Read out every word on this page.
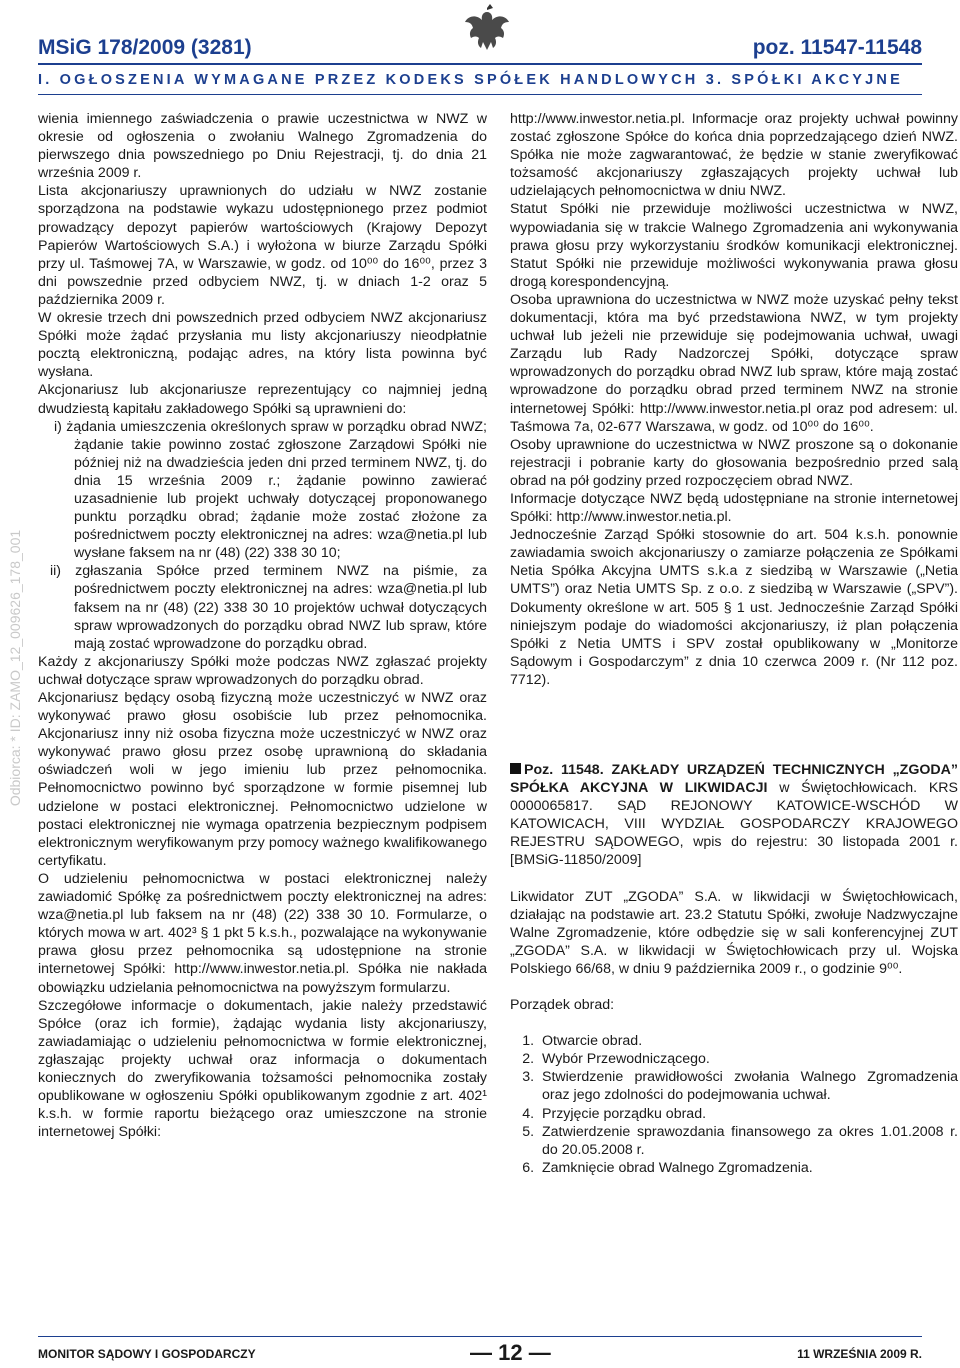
MSiG 178/2009 (3281)	poz. 11547-11548
I. OGŁOSZENIA WYMAGANE PRZEZ KODEKS SPÓŁEK HANDLOWYCH 3. SPÓŁKI AKCYJNE
Odbiorca: * ID: ZAMO_12_009626_178_001

wienia imiennego zaświadczenia o prawie uczestnictwa w NWZ w okresie od ogłoszenia o zwołaniu Walnego Zgromadzenia do pierwszego dnia powszedniego po Dniu Rejestracji, tj. do dnia 21 września 2009 r.

Lista akcjonariuszy uprawnionych do udziału w NWZ zostanie sporządzona na podstawie wykazu udostępnionego przez podmiot prowadzący depozyt papierów wartościowych (Krajowy Depozyt Papierów Wartościowych S.A.) i wyłożona w biurze Zarządu Spółki przy ul. Taśmowej 7A, w Warszawie, w godz. od 10⁰⁰ do 16⁰⁰, przez 3 dni powszednie przed odbyciem NWZ, tj. w dniach 1-2 oraz 5 października 2009 r.

W okresie trzech dni powszednich przed odbyciem NWZ akcjonariusz Spółki może żądać przysłania mu listy akcjonariuszy nieodpłatnie pocztą elektroniczną, podając adres, na który lista powinna być wysłana.

Akcjonariusz lub akcjonariusze reprezentujący co najmniej jedną dwudziestą kapitału zakładowego Spółki są uprawnieni do:

i) żądania umieszczenia określonych spraw w porządku obrad NWZ; żądanie takie powinno zostać zgłoszone Zarządowi Spółki nie później niż na dwadzieścia jeden dni przed terminem NWZ, tj. do dnia 15 września 2009 r.; żądanie powinno zawierać uzasadnienie lub projekt uchwały dotyczącej proponowanego punktu porządku obrad; żądanie może zostać złożone za pośrednictwem poczty elektronicznej na adres: wza@netia.pl lub wysłane faksem na nr (48) (22) 338 30 10;

ii) zgłaszania Spółce przed terminem NWZ na piśmie, za pośrednictwem poczty elektronicznej na adres: wza@netia.pl lub faksem na nr (48) (22) 338 30 10 projektów uchwał dotyczących spraw wprowadzonych do porządku obrad NWZ lub spraw, które mają zostać wprowadzone do porządku obrad.

Każdy z akcjonariuszy Spółki może podczas NWZ zgłaszać projekty uchwał dotyczące spraw wprowadzonych do porządku obrad.

Akcjonariusz będący osobą fizyczną może uczestniczyć w NWZ oraz wykonywać prawo głosu osobiście lub przez pełnomocnika. Akcjonariusz inny niż osoba fizyczna może uczestniczyć w NWZ oraz wykonywać prawo głosu przez osobę uprawnioną do składania oświadczeń woli w jego imieniu lub przez pełnomocnika. Pełnomocnictwo powinno być sporządzone w formie pisemnej lub udzielone w postaci elektronicznej. Pełnomocnictwo udzielone w postaci elektronicznej nie wymaga opatrzenia bezpiecznym podpisem elektronicznym weryfikowanym przy pomocy ważnego kwalifikowanego certyfikatu.

O udzieleniu pełnomocnictwa w postaci elektronicznej należy zawiadomić Spółkę za pośrednictwem poczty elektronicznej na adres: wza@netia.pl lub faksem na nr (48) (22) 338 30 10. Formularze, o których mowa w art. 402³ § 1 pkt 5 k.s.h., pozwalające na wykonywanie prawa głosu przez pełnomocnika są udostępnione na stronie internetowej Spółki: http://www.inwestor.netia.pl. Spółka nie nakłada obowiązku udzielania pełnomocnictwa na powyższym formularzu.

Szczegółowe informacje o dokumentach, jakie należy przedstawić Spółce (oraz ich formie), żądając wydania listy akcjonariuszy, zawiadamiając o udzieleniu pełnomocnictwa w formie elektronicznej, zgłaszając projekty uchwał oraz informacja o dokumentach koniecznych do zweryfikowania tożsamości pełnomocnika zostały opublikowane w ogłoszeniu Spółki opublikowanym zgodnie z art. 402¹ k.s.h. w formie raportu bieżącego oraz umieszczone na stronie internetowej Spółki:

http://www.inwestor.netia.pl. Informacje oraz projekty uchwał powinny zostać zgłoszone Spółce do końca dnia poprzedzającego dzień NWZ. Spółka nie może zagwarantować, że będzie w stanie zweryfikować tożsamość akcjonariuszy zgłaszających projekty uchwał lub udzielających pełnomocnictwa w dniu NWZ.

Statut Spółki nie przewiduje możliwości uczestnictwa w NWZ, wypowiadania się w trakcie Walnego Zgromadzenia ani wykonywania prawa głosu przy wykorzystaniu środków komunikacji elektronicznej. Statut Spółki nie przewiduje możliwości wykonywania prawa głosu drogą korespondencyjną.

Osoba uprawniona do uczestnictwa w NWZ może uzyskać pełny tekst dokumentacji, która ma być przedstawiona NWZ, w tym projekty uchwał lub jeżeli nie przewiduje się podejmowania uchwał, uwagi Zarządu lub Rady Nadzorczej Spółki, dotyczące spraw wprowadzonych do porządku obrad NWZ lub spraw, które mają zostać wprowadzone do porządku obrad przed terminem NWZ na stronie internetowej Spółki: http://www.inwestor.netia.pl oraz pod adresem: ul. Taśmowa 7a, 02-677 Warszawa, w godz. od 10⁰⁰ do 16⁰⁰.

Osoby uprawnione do uczestnictwa w NWZ proszone są o dokonanie rejestracji i pobranie karty do głosowania bezpośrednio przed salą obrad na pół godziny przed rozpoczęciem obrad NWZ.

Informacje dotyczące NWZ będą udostępniane na stronie internetowej Spółki: http://www.inwestor.netia.pl.

Jednocześnie Zarząd Spółki stosownie do art. 504 k.s.h. ponownie zawiadamia swoich akcjonariuszy o zamiarze połączenia ze Spółkami Netia Spółka Akcyjna UMTS s.k.a z siedzibą w Warszawie („Netia UMTS”) oraz Netia UMTS Sp. z o.o. z siedzibą w Warszawie („SPV”). Dokumenty określone w art. 505 § 1 ust. Jednocześnie Zarząd Spółki niniejszym podaje do wiadomości akcjonariuszy, iż plan połączenia Spółki z Netia UMTS i SPV został opublikowany w „Monitorze Sądowym i Gospodarczym” z dnia 10 czerwca 2009 r. (Nr 112 poz. 7712).

Poz. 11548. ZAKŁADY URZĄDZEŃ TECHNICZNYCH „ZGODA” SPÓŁKA AKCYJNA W LIKWIDACJI w Świętochłowicach. KRS 0000065817. SĄD REJONOWY KATOWICE-WSCHÓD W KATOWICACH, VIII WYDZIAŁ GOSPODARCZY KRAJOWEGO REJESTRU SĄDOWEGO, wpis do rejestru: 30 listopada 2001 r. [BMSiG-11850/2009]

Likwidator ZUT „ZGODA” S.A. w likwidacji w Świętochłowicach, działając na podstawie art. 23.2 Statutu Spółki, zwołuje Nadzwyczajne Walne Zgromadzenie, które odbędzie się w sali konferencyjnej ZUT „ZGODA” S.A. w likwidacji w Świętochłowicach przy ul. Wojska Polskiego 66/68, w dniu 9 października 2009 r., o godzinie 9⁰⁰.

Porządek obrad:

1. Otwarcie obrad.
2. Wybór Przewodniczącego.
3. Stwierdzenie prawidłowości zwołania Walnego Zgromadzenia oraz jego zdolności do podejmowania uchwał.
4. Przyjęcie porządku obrad.
5. Zatwierdzenie sprawozdania finansowego za okres 1.01.2008 r. do 20.05.2008 r.
6. Zamknięcie obrad Walnego Zgromadzenia.
MONITOR SĄDOWY I GOSPODARCZY	— 12 —	11 WRZEŚNIA 2009 R.
